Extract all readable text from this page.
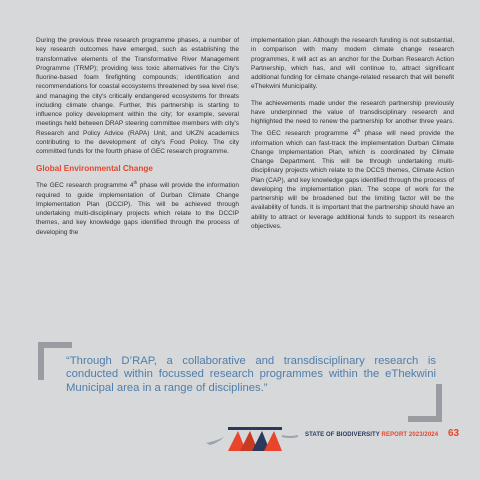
During the previous three research programme phases, a number of key research outcomes have emerged, such as establishing the transformative elements of the Transformative River Management Programme (TRMP); providing less toxic alternatives for the City's fluorine-based foam firefighting compounds; identification and recommendations for coastal ecosystems threatened by sea level rise; and managing the city's critically endangered ecosystems for threats including climate change. Further, this partnership is starting to influence policy development within the city; for example, several meetings held between DRAP steering committee members with city's Research and Policy Advice (RAPA) Unit, and UKZN academics contributing to the development of city's Food Policy. The city committed funds for the fourth phase of GEC research programme.

Global Environmental Change

The GEC research programme 4th phase will provide the information required to guide implementation of Durban Climate Change Implementation Plan (DCCIP). This will be achieved through undertaking multi-disciplinary projects which relate to the DCCIP themes, and key knowledge gaps identified through the process of developing the

implementation plan. Although the research funding is not substantial, in comparison with many modern climate change research programmes, it will act as an anchor for the Durban Research Action Partnership, which has, and will continue to, attract significant additional funding for climate change-related research that will benefit eThekwini Municipality.

The achievements made under the research partnership previously have underpinned the value of transdisciplinary research and highlighted the need to renew the partnership for another three years. The GEC research programme 4th phase will need provide the information which can fast-track the implementation Durban Climate Change Implementation Plan, which is coordinated by Climate Change Department. This will be through undertaking multi-disciplinary projects which relate to the DCCS themes, Climate Action Plan (CAP), and key knowledge gaps identified through the process of developing the implementation plan. The scope of work for the partnership will be broadened but the limiting factor will be the availability of funds. It is important that the partnership should have an ability to attract or leverage additional funds to support its research objectives.

“Through D’RAP, a collaborative and transdisciplinary research is conducted within focussed research programmes within the eThekwini Municipal area in a range of disciplines.”
STATE OF BIODIVERSITY REPORT 2023/2024 63
